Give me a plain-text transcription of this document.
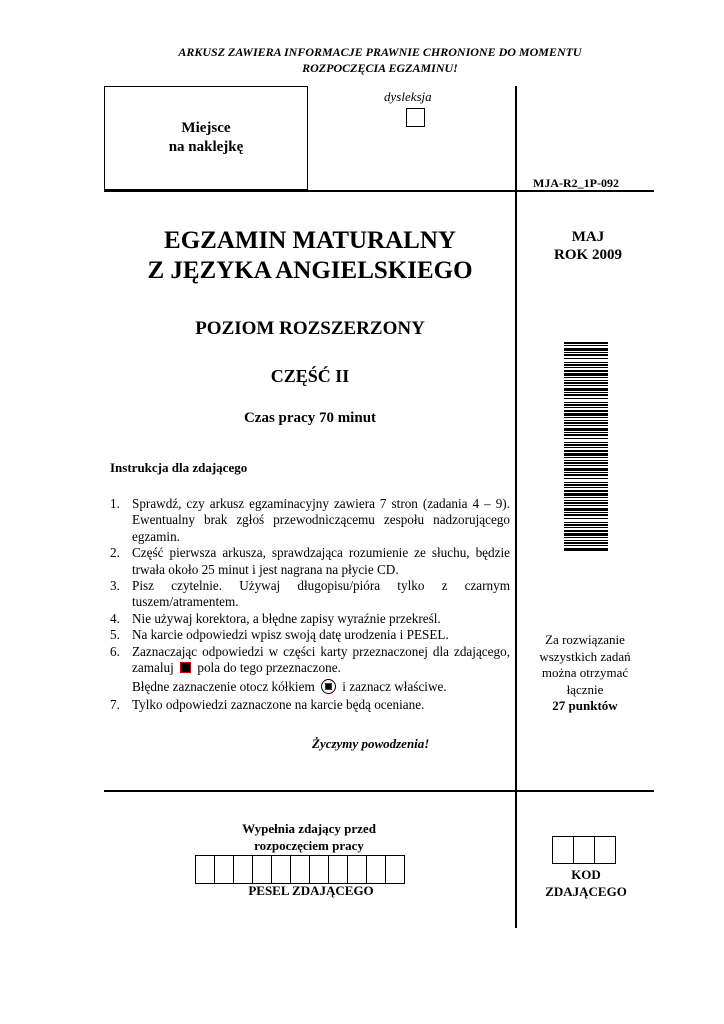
ARKUSZ ZAWIERA INFORMACJE PRAWNIE CHRONIONE DO MOMENTU
ROZPOCZĘCIA EGZAMINU!
Miejsce
na naklejkę
dysleksja
MJA-R2_1P-092
EGZAMIN MATURALNY
Z JĘZYKA ANGIELSKIEGO
POZIOM ROZSZERZONY
CZĘŚĆ II
Czas pracy 70 minut
MAJ
ROK 2009
Instrukcja dla zdającego
1. Sprawdź, czy arkusz egzaminacyjny zawiera 7 stron (zadania 4 – 9). Ewentualny brak zgłoś przewodniczącemu zespołu nadzorującego egzamin.
2. Część pierwsza arkusza, sprawdzająca rozumienie ze słuchu, będzie trwała około 25 minut i jest nagrana na płycie CD.
3. Pisz czytelnie. Używaj długopisu/pióra tylko z czarnym tuszem/atramentem.
4. Nie używaj korektora, a błędne zapisy wyraźnie przekreśl.
5. Na karcie odpowiedzi wpisz swoją datę urodzenia i PESEL.
6. Zaznaczając odpowiedzi w części karty przeznaczonej dla zdającego, zamaluj pola do tego przeznaczone.
Błędne zaznaczenie otocz kółkiem i zaznacz właściwe.
7. Tylko odpowiedzi zaznaczone na karcie będą oceniane.
Życzymy powodzenia!
Za rozwiązanie
wszystkich zadań
można otrzymać
łącznie
27 punktów
Wypełnia zdający przed
rozpoczęciem pracy
PESEL ZDAJĄCEGO
KOD
ZDAJĄCEGO
